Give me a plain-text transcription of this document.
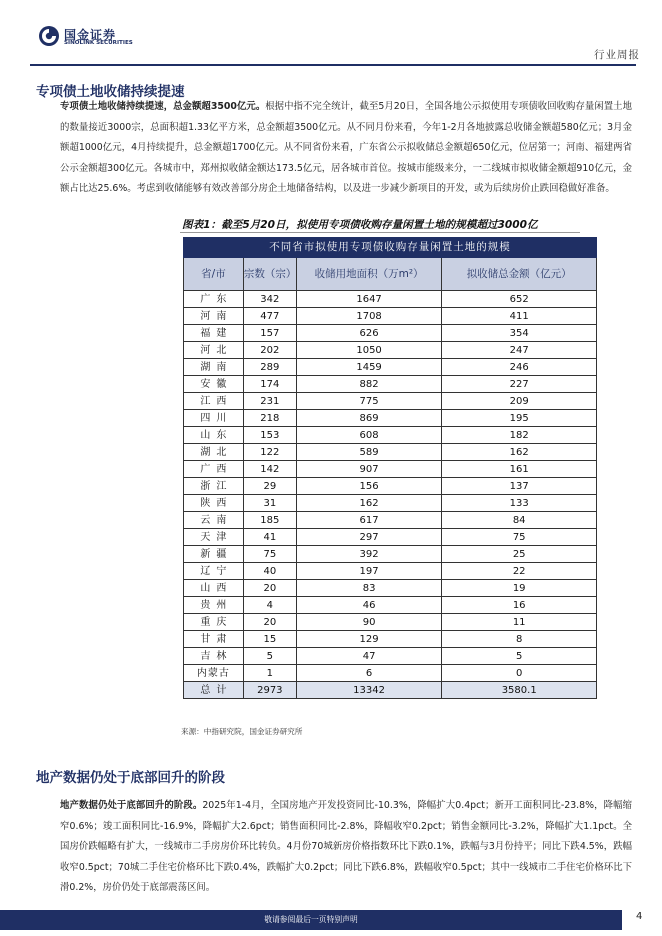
国金证券
SINOLINK SECURITIES
行业周报
专项债土地收储持续提速

专项债土地收储持续提速，总金额超3500亿元。根据中指不完全统计，截至5月20日，全国各地公示拟使用专项债收回收购存量闲置土地的数量接近3000宗，总面积超1.33亿平方米，总金额超3500亿元。从不同月份来看，今年1-2月各地披露总收储金额超580亿元；3月金额超1000亿元，4月持续提升，总金额超1700亿元。从不同省份来看，广东省公示拟收储总金额超650亿元，位居第一；河南、福建两省公示金额超300亿元。各城市中，郑州拟收储金额达173.5亿元，居各城市首位。按城市能级来分，一二线城市拟收储金额超910亿元，金额占比达25.6%。考虑到收储能够有效改善部分房企土地储备结构，以及进一步减少新项目的开发，或为后续房价止跌回稳做好准备。

图表1：截至5月20日，拟使用专项债收购存量闲置土地的规模超过3000亿
不同省市拟使用专项债收购存量闲置土地的规模			
省/市	宗数（宗）	收储用地面积（万m²）	拟收储总金额（亿元）
广东	342	1647	652
河南	477	1708	411
福建	157	626	354
河北	202	1050	247
湖南	289	1459	246
安徽	174	882	227
江西	231	775	209
四川	218	869	195
山东	153	608	182
湖北	122	589	162
广西	142	907	161
浙江	29	156	137
陕西	31	162	133
云南	185	617	84
天津	41	297	75
新疆	75	392	25
辽宁	40	197	22
山西	20	83	19
贵州	4	46	16
重庆	20	90	11
甘肃	15	129	8
吉林	5	47	5
内蒙古	1	6	0
总计	2973	13342	3580.1
来源：中指研究院，国金证券研究所
地产数据仍处于底部回升的阶段

地产数据仍处于底部回升的阶段。2025年1-4月，全国房地产开发投资同比-10.3%，降幅扩大0.4pct；新开工面积同比-23.8%，降幅缩窄0.6%；竣工面积同比-16.9%，降幅扩大2.6pct；销售面积同比-2.8%，降幅收窄0.2pct；销售金额同比-3.2%，降幅扩大1.1pct。全国房价跌幅略有扩大，一线城市二手房房价环比转负。4月份70城新房价格指数环比下跌0.1%，跌幅与3月份持平；同比下跌4.5%，跌幅收窄0.5pct；70城二手住宅价格环比下跌0.4%，跌幅扩大0.2pct；同比下跌6.8%，跌幅收窄0.5pct；其中一线城市二手住宅价格环比下滑0.2%，房价仍处于底部震荡区间。

敬请参阅最后一页特别声明	4
